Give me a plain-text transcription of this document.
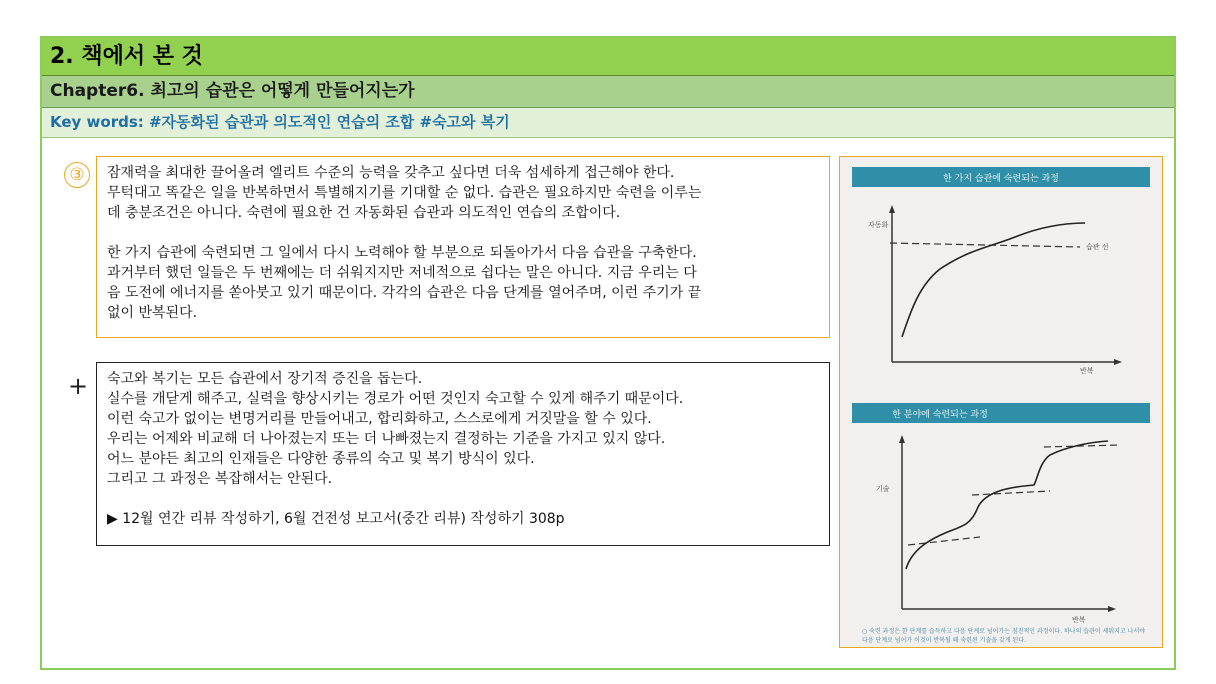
2. 책에서 본 것
Chapter6. 최고의 습관은 어떻게 만들어지는가
Key words: #자동화된 습관과 의도적인 연습의 조합 #숙고와 복기
③	잠재력을 최대한 끌어올려 엘리트 수준의 능력을 갖추고 싶다면 더욱 섬세하게 접근해야 한다.
무턱대고 똑같은 일을 반복하면서 특별해지기를 기대할 순 없다. 습관은 필요하지만 숙련을 이루는
데 충분조건은 아니다. 숙련에 필요한 건 자동화된 습관과 의도적인 연습의 조합이다.

한 가지 습관에 숙련되면 그 일에서 다시 노력해야 할 부분으로 되돌아가서 다음 습관을 구축한다.
과거부터 했던 일들은 두 번째에는 더 쉬워지지만 저네적으로 쉽다는 말은 아니다. 지금 우리는 다
음 도전에 에너지를 쏟아붓고 있기 때문이다. 각각의 습관은 다음 단계를 열어주며, 이런 주기가 끝
없이 반복된다.

+ 숙고와 복기는 모든 습관에서 장기적 증진을 돕는다.
실수를 개닫게 해주고, 실력을 향상시키는 경로가 어떤 것인지 숙고할 수 있게 해주기 때문이다.
이런 숙고가 없이는 변명거리를 만들어내고, 합리화하고, 스스로에게 거짓말을 할 수 있다.
우리는 어제와 비교해 더 나아졌는지 또는 더 나빠졌는지 결정하는 기준을 가지고 있지 않다.
어느 분야든 최고의 인재들은 다양한 종류의 숙고 및 복기 방식이 있다.
그리고 그 과정은 복잡해서는 안된다.

▶ 12월 연간 리뷰 작성하기, 6월 건전성 보고서(중간 리뷰) 작성하기 308p

한 가지 습관에 숙련되는 과정
자동화
반복
습관 선
한 분야에 숙련되는 과정
기술
반복
○ 숙련 과정은 한 단계를 습득하고 다음 단계로 넘어가는 점진적인 과정이다. 하나의 습관이 세워지고 나서야 다음 단계로 넘어가 이것이 반복될 때 숙련된 기술을 갖게 된다.
